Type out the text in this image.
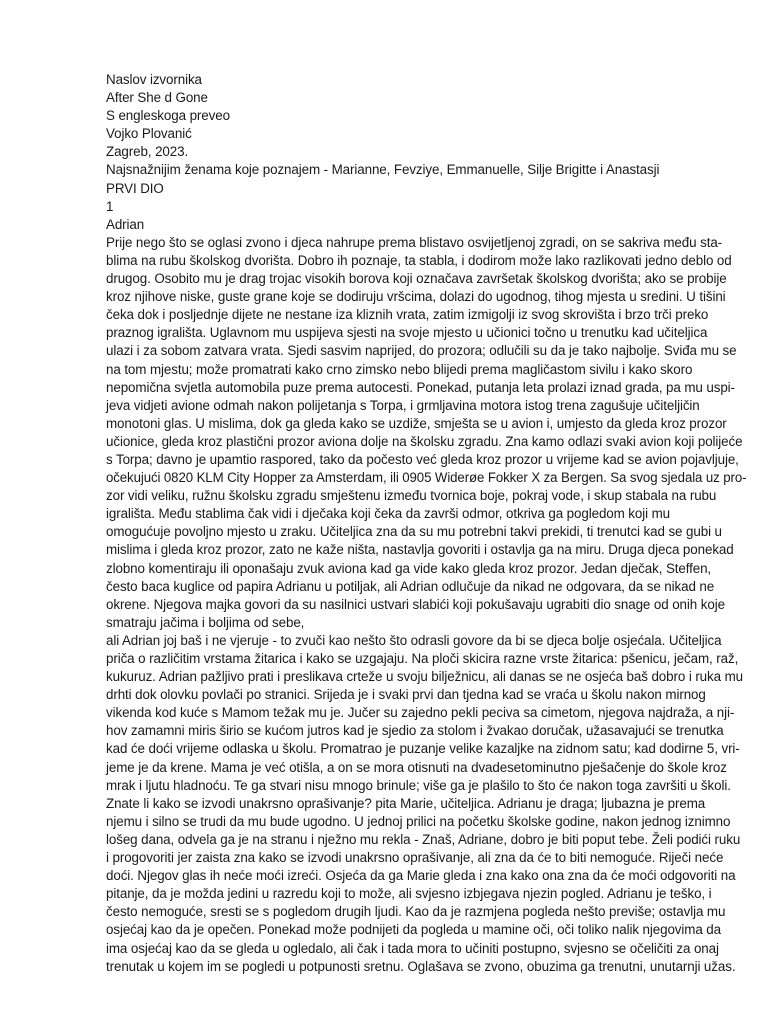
Naslov izvornika
After She d Gone
S engleskoga preveo
Vojko Plovanić
Zagreb, 2023.
Najsnažnijim ženama koje poznajem - Marianne, Fevziye, Emmanuelle, Silje Brigitte i Anastasji
PRVI DIO
1
Adrian
Prije nego što se oglasi zvono i djeca nahrupe prema blistavo osvijetljenoj zgradi, on se sakriva među sta-
blima na rubu školskog dvorišta. Dobro ih poznaje, ta stabla, i dodirom može lako razlikovati jedno deblo od
drugog. Osobito mu je drag trojac visokih borova koji označava završetak školskog dvorišta; ako se probije
kroz njihove niske, guste grane koje se dodiruju vršcima, dolazi do ugodnog, tihog mjesta u sredini. U tišini
čeka dok i posljednje dijete ne nestane iza kliznih vrata, zatim izmigolji iz svog skrovišta i brzo trči preko
praznog igrališta. Uglavnom mu uspijeva sjesti na svoje mjesto u učionici točno u trenutku kad učiteljica
ulazi i za sobom zatvara vrata. Sjedi sasvim naprijed, do prozora; odlučili su da je tako najbolje. Sviđa mu se
na tom mjestu; može promatrati kako crno zimsko nebo blijedi prema magličastom sivilu i kako skoro
nepomična svjetla automobila puze prema autocesti. Ponekad, putanja leta prolazi iznad grada, pa mu uspi-
jeva vidjeti avione odmah nakon polijetanja s Torpa, i grmljavina motora istog trena zagušuje učiteljičin
monotoni glas. U mislima, dok ga gleda kako se uzdiže, smještа se u avion i, umjesto da gleda kroz prozor
učionice, gleda kroz plastični prozor aviona dolje na školsku zgradu. Zna kamo odlazi svaki avion koji polijeće
s Torpa; davno je upamtio raspored, tako da počesto već gleda kroz prozor u vrijeme kad se avion pojavljuje,
očekujući 0820 KLM City Hopper za Amsterdam, ili 0905 Widerøe Fokker X za Bergen. Sa svog sjedala uz pro-
zor vidi veliku, ružnu školsku zgradu smještenu između tvornica boje, pokraj vode, i skup stabala na rubu
igrališta. Među stablima čak vidi i dječaka koji čeka da završi odmor, otkriva ga pogledom koji mu
omogućuje povoljno mjesto u zraku. Učiteljica zna da su mu potrebni takvi prekidi, ti trenutci kad se gubi u
mislima i gleda kroz prozor, zato ne kaže ništa, nastavlja govoriti i ostavlja ga na miru. Druga djeca ponekad
zlobno komentiraju ili oponašaju zvuk aviona kad ga vide kako gleda kroz prozor. Jedan dječak, Steffen,
često baca kuglice od papira Adrianu u potiljak, ali Adrian odlučuje da nikad ne odgovara, da se nikad ne
okrene. Njegova majka govori da su nasilnici ustvari slabići koji pokušavaju ugrabiti dio snage od onih koje
smatraju jačima i boljima od sebe,
ali Adrian joj baš i ne vjeruje - to zvuči kao nešto što odrasli govore da bi se djeca bolje osjećala. Učiteljica
priča o različitim vrstama žitarica i kako se uzgajaju. Na ploči skicira razne vrste žitarica: pšenicu, ječam, raž,
kukuruz. Adrian pažljivo prati i preslikava crteže u svoju bilježnicu, ali danas se ne osjeća baš dobro i ruka mu
drhti dok olovku povlači po stranici. Srijeda je i svaki prvi dan tjedna kad se vraća u školu nakon mirnog
vikenda kod kuće s Mamom težak mu je. Jučer su zajedno pekli peciva sa cimetom, njegova najdraža, a nji-
hov zamamni miris širio se kućom jutros kad je sjedio za stolom i žvakao doručak, užasavajući se trenutka
kad će doći vrijeme odlaska u školu. Promatrao je puzanje velike kazaljke na zidnom satu; kad dodirne 5, vri-
jeme je da krene. Mama je već otišla, a on se mora otisnuti na dvadesetominutno pješačenje do škole kroz
mrak i ljutu hladnoću. Te ga stvari nisu mnogo brinule; više ga je plašilo to što će nakon toga završiti u školi.
Znate li kako se izvodi unakrsno oprašivanje? pita Marie, učiteljica. Adrianu je draga; ljubazna je prema
njemu i silno se trudi da mu bude ugodno. U jednoj prilici na početku školske godine, nakon jednog iznimno
lošeg dana, odvela ga je na stranu i nježno mu rekla - Znaš, Adriane, dobro je biti poput tebe. Želi podići ruku
i progovoriti jer zaista zna kako se izvodi unakrsno oprašivanje, ali zna da će to biti nemoguće. Riječi neće
doći. Njegov glas ih neće moći izreći. Osjeća da ga Marie gleda i zna kako ona zna da će moći odgovoriti na
pitanje, da je možda jedini u razredu koji to može, ali svjesno izbjegava njezin pogled. Adrianu je teško, i
često nemoguće, sresti se s pogledom drugih ljudi. Kao da je razmjena pogleda nešto previše; ostavlja mu
osjećaj kao da je opečen. Ponekad može podnijeti da pogleda u mamine oči, oči toliko nalik njegovima da
ima osjećaj kao da se gleda u ogledalo, ali čak i tada mora to učiniti postupno, svjesno se očeličiti za onaj
trenutak u kojem im se pogledi u potpunosti sretnu. Oglašava se zvono, obuzima ga trenutni, unutarnji užas.
